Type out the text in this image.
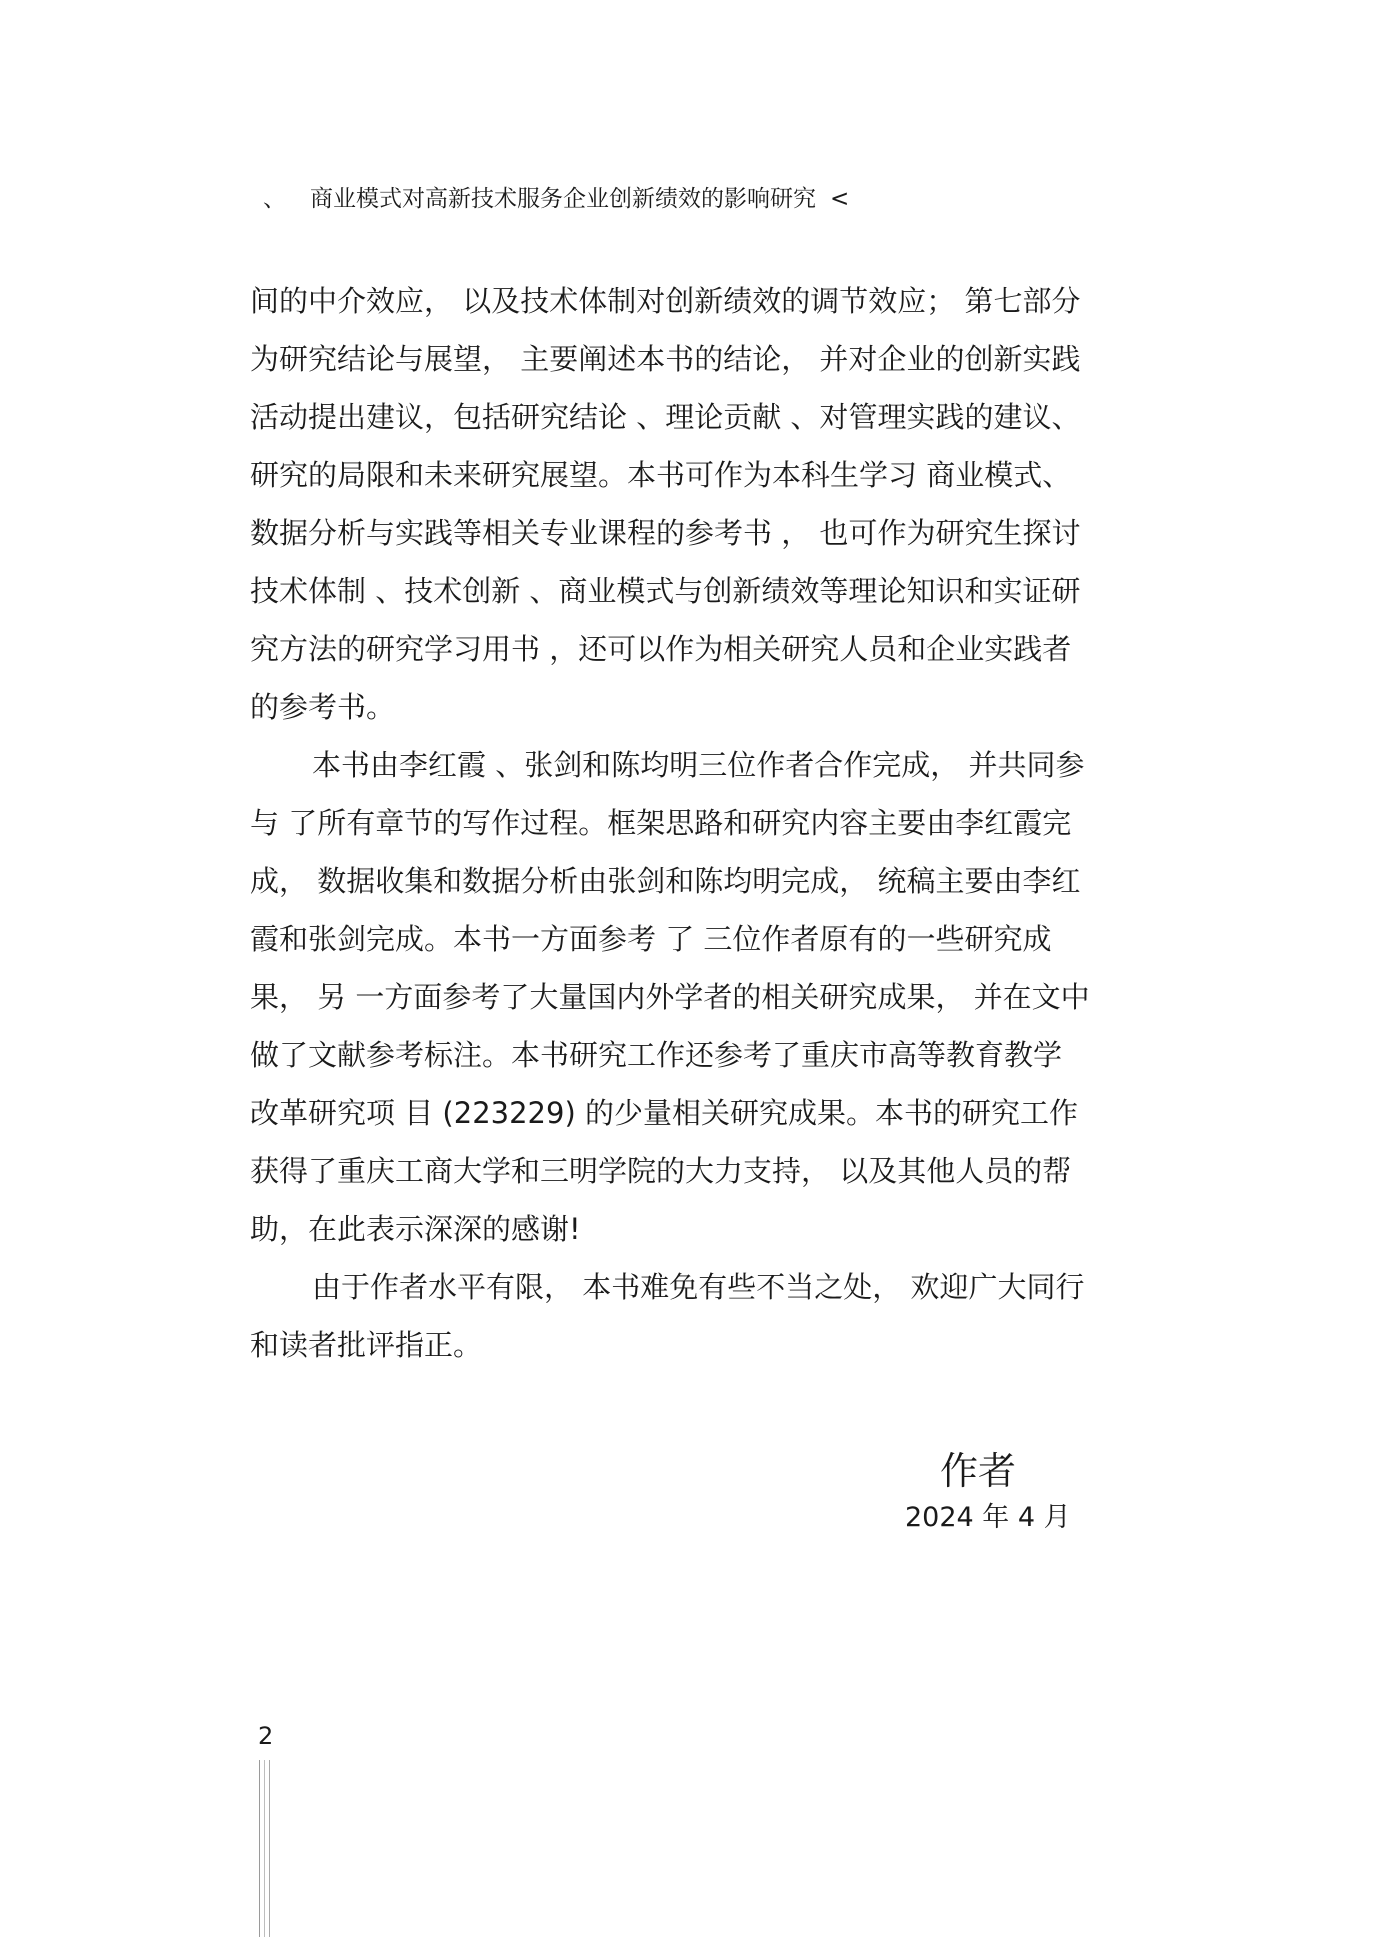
、 商业模式对高新技术服务企业创新绩效的影响研究 <
间的中介效应， 以及技术体制对创新绩效的调节效应； 第七部分
为研究结论与展望， 主要阐述本书的结论， 并对企业的创新实践
活动提出建议，包括研究结论 、理论贡献 、对管理实践的建议、
研究的局限和未来研究展望。本书可作为本科生学习 商业模式、
数据分析与实践等相关专业课程的参考书 ， 也可作为研究生探讨
技术体制 、技术创新 、商业模式与创新绩效等理论知识和实证研
究方法的研究学习用书 ，还可以作为相关研究人员和企业实践者
的参考书。
本书由李红霞 、张剑和陈均明三位作者合作完成， 并共同参
与 了所有章节的写作过程。框架思路和研究内容主要由李红霞完
成， 数据收集和数据分析由张剑和陈均明完成， 统稿主要由李红
霞和张剑完成。本书一方面参考 了 三位作者原有的一些研究成
果， 另 一方面参考了大量国内外学者的相关研究成果， 并在文中
做了文献参考标注。本书研究工作还参考了重庆市高等教育教学
改革研究项 目 (223229) 的少量相关研究成果。本书的研究工作
获得了重庆工商大学和三明学院的大力支持， 以及其他人员的帮
助，在此表示深深的感谢!
由于作者水平有限， 本书难免有些不当之处， 欢迎广大同行
和读者批评指正。
作者
2024 年 4 月
2
